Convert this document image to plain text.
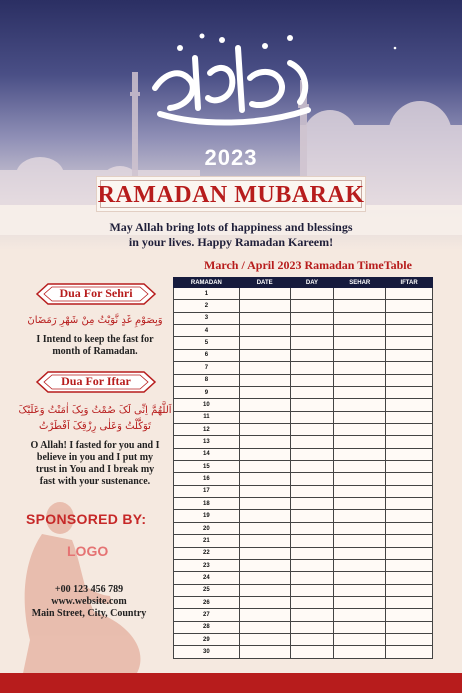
2023
RAMADAN MUBARAK
May Allah bring lots of happiness and blessings
in your lives. Happy Ramadan Kareem!
Dua For Sehri
وَبِصَوْمِ غَدٍ نَّوَيْتُ مِنْ شَهْرِ رَمَضَانَ
I Intend to keep the fast for
month of Ramadan.
Dua For Iftar
اَللَّهُمَّ اِنِّی لَکَ صُمْتُ وَبِکَ اٰمَنْتُ وَعَلَيْکَ
تَوَکَّلْتُ وَعَلٰی رِزْقِکَ اَفْطَرْتُ
O Allah! I fasted for you and I
believe in you and I put my
trust in You and I break my
fast with your sustenance.
SPONSORED BY:
LOGO
+00 123 456 789
www.website.com
Main Street, City, Country
March / April 2023 Ramadan TimeTable
RAMADAN	DATE	DAY	SEHAR	IFTAR
1				
2				
3				
4				
5				
6				
7				
8				
9				
10				
11				
12				
13				
14				
15				
16				
17				
18				
19				
20				
21				
22				
23				
24				
25				
26				
27				
28				
29				
30				
